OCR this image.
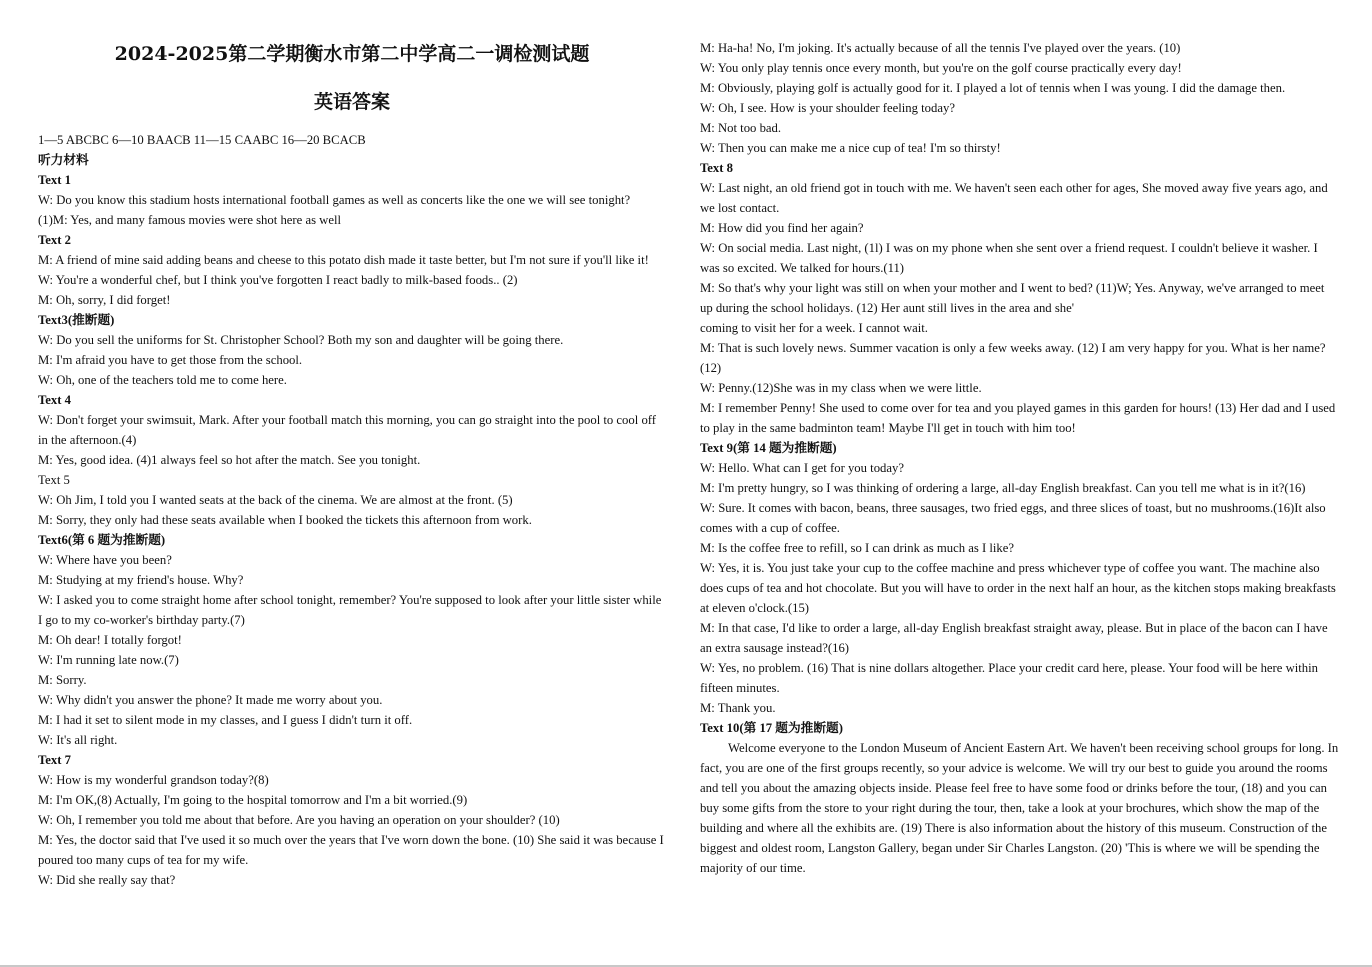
2024-2025第二学期衡水市第二中学高二一调检测试题

英语答案

1—5 ABCBC 6—10 BAACB 11—15 CAABC 16—20 BCACB

听力材料

Text 1

W: Do you know this stadium hosts international football games as well as concerts like the one we will see tonight?

(1)M: Yes, and many famous movies were shot here as well

Text 2

M: A friend of mine said adding beans and cheese to this potato dish made it taste better, but I'm not sure if you'll like it!

W: You're a wonderful chef, but I think you've forgotten I react badly to milk-based foods.. (2)

M: Oh, sorry, I did forget!

Text3(推断题)

W: Do you sell the uniforms for St. Christopher School? Both my son and daughter will be going there.

M: I'm afraid you have to get those from the school.

W: Oh, one of the teachers told me to come here.

Text 4

W: Don't forget your swimsuit, Mark. After your football match this morning, you can go straight into the pool to cool off in the afternoon.(4)

M: Yes, good idea. (4)1 always feel so hot after the match. See you tonight.

Text 5

W: Oh Jim, I told you I wanted seats at the back of the cinema. We are almost at the front. (5)

M: Sorry, they only had these seats available when I booked the tickets this afternoon from work.

Text6(第 6 题为推断题)

W: Where have you been?

M: Studying at my friend's house. Why?

W: I asked you to come straight home after school tonight, remember? You're supposed to look after your little sister while I go to my co-worker's birthday party.(7)

M: Oh dear! I totally forgot!

W: I'm running late now.(7)

M: Sorry.

W: Why didn't you answer the phone? It made me worry about you.

M: I had it set to silent mode in my classes, and I guess I didn't turn it off.

W: It's all right.

Text 7

W: How is my wonderful grandson today?(8)

M: I'm OK,(8) Actually, I'm going to the hospital tomorrow and I'm a bit worried.(9)

W: Oh, I remember you told me about that before. Are you having an operation on your shoulder? (10)

M: Yes, the doctor said that I've used it so much over the years that I've worn down the bone. (10) She said it was because I poured too many cups of tea for my wife.

W: Did she really say that?

M: Ha-ha! No, I'm joking. It's actually because of all the tennis I've played over the years. (10)

W: You only play tennis once every month, but you're on the golf course practically every day!

M: Obviously, playing golf is actually good for it. I played a lot of tennis when I was young. I did the damage then.

W: Oh, I see. How is your shoulder feeling today?

M: Not too bad.

W: Then you can make me a nice cup of tea! I'm so thirsty!

Text 8

W: Last night, an old friend got in touch with me. We haven't seen each other for ages, She moved away five years ago, and we lost contact.

M: How did you find her again?

W: On social media. Last night, (1l) I was on my phone when she sent over a friend request. I couldn't believe it washer. I was so excited. We talked for hours.(11)

M: So that's why your light was still on when your mother and I went to bed? (11)W; Yes. Anyway, we've arranged to meet up during the school holidays. (12) Her aunt still lives in the area and she'

coming to visit her for a week. I cannot wait.

M: That is such lovely news. Summer vacation is only a few weeks away. (12) I am very happy for you. What is her name?(12)

W: Penny.(12)She was in my class when we were little.

M: I remember Penny! She used to come over for tea and you played games in this garden for hours! (13) Her dad and I used to play in the same badminton team! Maybe I'll get in touch with him too!

Text 9(第 14 题为推断题)

W: Hello. What can I get for you today?

M: I'm pretty hungry, so I was thinking of ordering a large, all-day English breakfast. Can you tell me what is in it?(16)

W: Sure. It comes with bacon, beans, three sausages, two fried eggs, and three slices of toast, but no mushrooms.(16)It also comes with a cup of coffee.

M: Is the coffee free to refill, so I can drink as much as I like?

W: Yes, it is. You just take your cup to the coffee machine and press whichever type of coffee you want. The machine also does cups of tea and hot chocolate. But you will have to order in the next half an hour, as the kitchen stops making breakfasts at eleven o'clock.(15)

M: In that case, I'd like to order a large, all-day English breakfast straight away, please. But in place of the bacon can I have an extra sausage instead?(16)

W: Yes, no problem. (16) That is nine dollars altogether. Place your credit card here, please. Your food will be here within fifteen minutes.

M: Thank you.

Text 10(第 17 题为推断题)

Welcome everyone to the London Museum of Ancient Eastern Art. We haven't been receiving school groups for long. In fact, you are one of the first groups recently, so your advice is welcome. We will try our best to guide you around the rooms and tell you about the amazing objects inside. Please feel free to have some food or drinks before the tour, (18) and you can buy some gifts from the store to your right during the tour, then, take a look at your brochures, which show the map of the building and where all the exhibits are. (19) There is also information about the history of this museum. Construction of the biggest and oldest room, Langston Gallery, began under Sir Charles Langston. (20) 'This is where we will be spending the majority of our time.
